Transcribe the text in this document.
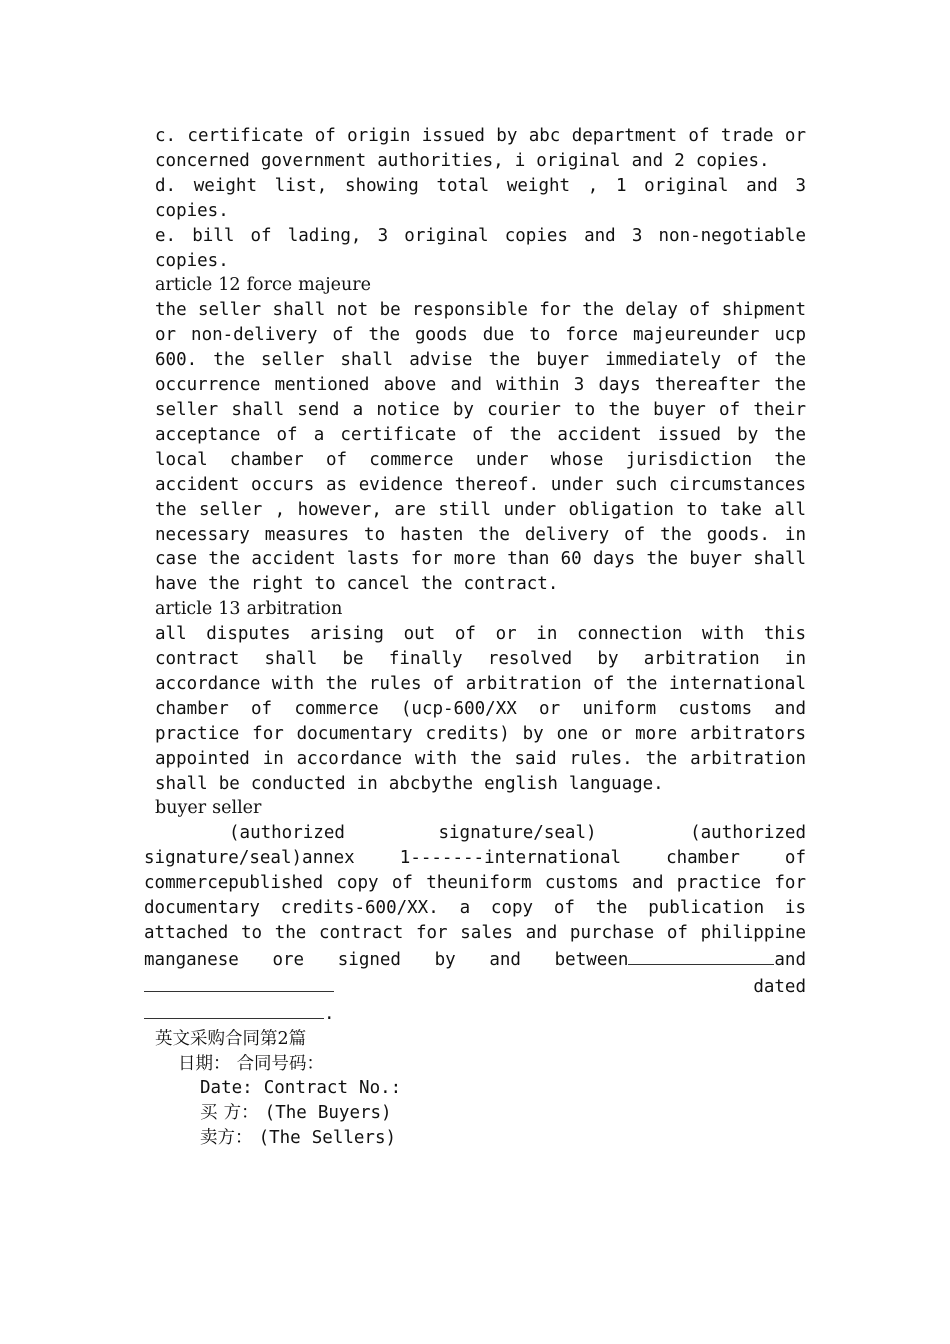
c. certificate of origin issued by abc department of trade or concerned government authorities, i original and 2 copies.

d. weight list, showing total weight , 1 original and 3 copies.

e. bill of lading, 3 original copies and 3 non-negotiable copies.

article 12 force majeure

the seller shall not be responsible for the delay of shipment or non-delivery of the goods due to force majeureunder ucp 600. the seller shall advise the buyer immediately of the occurrence mentioned above and within 3 days thereafter the seller shall send a notice by courier to the buyer of their acceptance of a certificate of the accident issued by the local chamber of commerce under whose jurisdiction the accident occurs as evidence thereof. under such circumstances the seller , however, are still under obligation to take all necessary measures to hasten the delivery of the goods. in case the accident lasts for more than 60 days the buyer shall have the right to cancel the contract.

article 13 arbitration

all disputes arising out of or in connection with this contract shall be finally resolved by arbitration in accordance with the rules of arbitration of the international chamber of commerce (ucp-600/XX or uniform customs and practice for documentary credits) by one or more arbitrators appointed in accordance with the said rules. the arbitration shall be conducted in abcbythe english language.

buyer seller

(authorized signature/seal) (authorized

signature/seal)annex 1-------international chamber of commercepublished copy of theuniform customs and practice for documentary credits-600/XX. a copy of the publication is attached to the contract for sales and purchase of philippine manganese ore signed by and between	and  dated

.

英文采购合同第2篇

日期： 合同号码：

Date: Contract No.:

买 方： (The Buyers)

卖方： (The Sellers)
